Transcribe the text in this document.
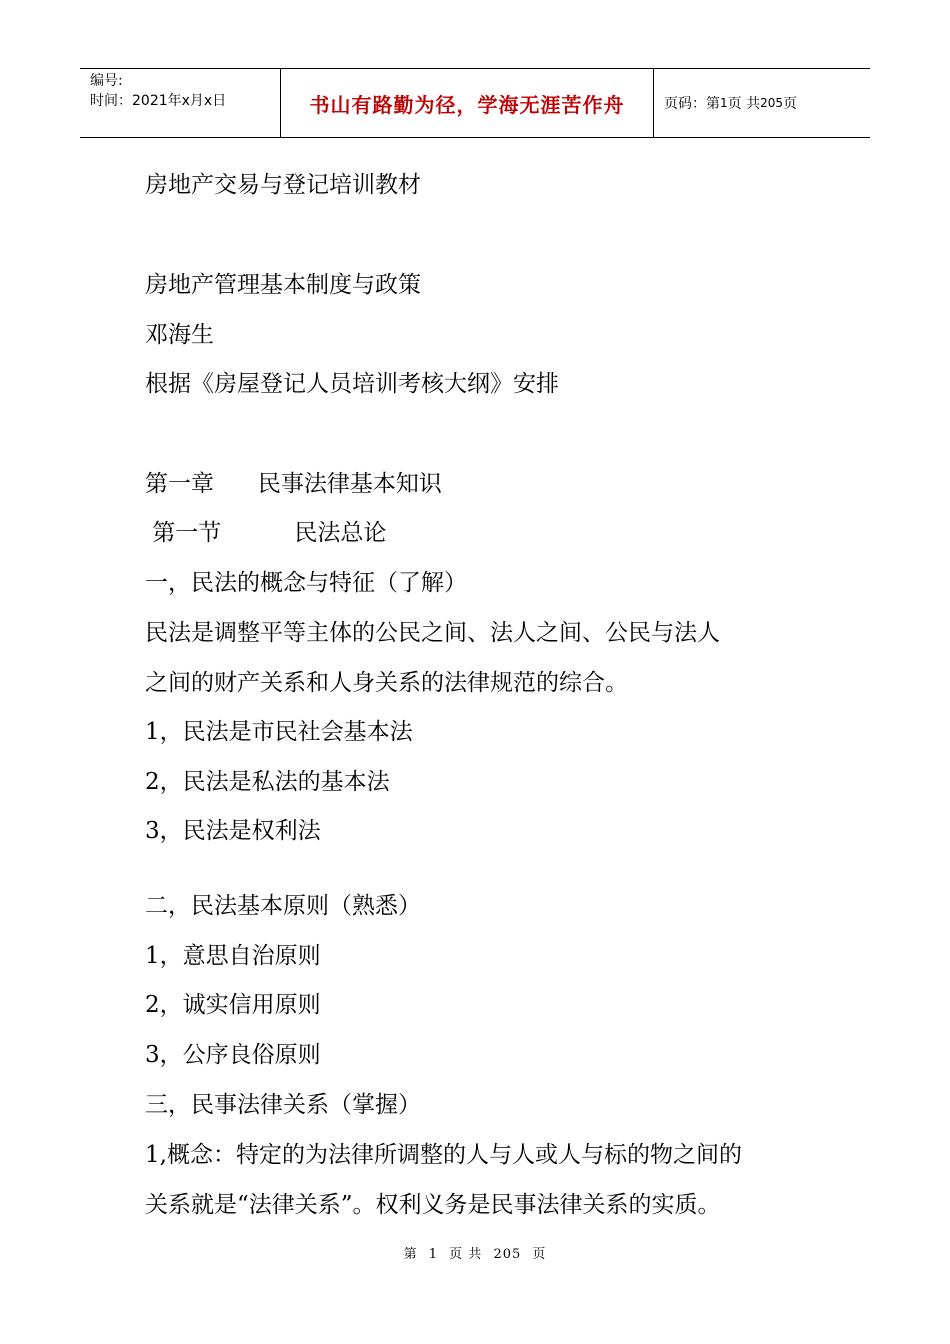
编号:
时间：2021年x月x日	书山有路勤为径，学海无涯苦作舟	页码：第 1 页 共 205 页
房地产交易与登记培训教材
房地产管理基本制度与政策
邓海生
根据《房屋登记人员培训考核大纲》安排
第一章      民事法律基本知识
第一节          民法总论
一，民法的概念与特征（了解）
民法是调整平等主体的公民之间、法人之间、公民与法人
之间的财产关系和人身关系的法律规范的综合。
1，民法是市民社会基本法
2，民法是私法的基本法
3，民法是权利法
二，民法基本原则（熟悉）
1，意思自治原则
2，诚实信用原则
3，公序良俗原则
三，民事法律关系（掌握）
1,概念：特定的为法律所调整的人与人或人与标的物之间的
关系就是“法律关系”。权利义务是民事法律关系的实质。
第 1 页 共 205 页
